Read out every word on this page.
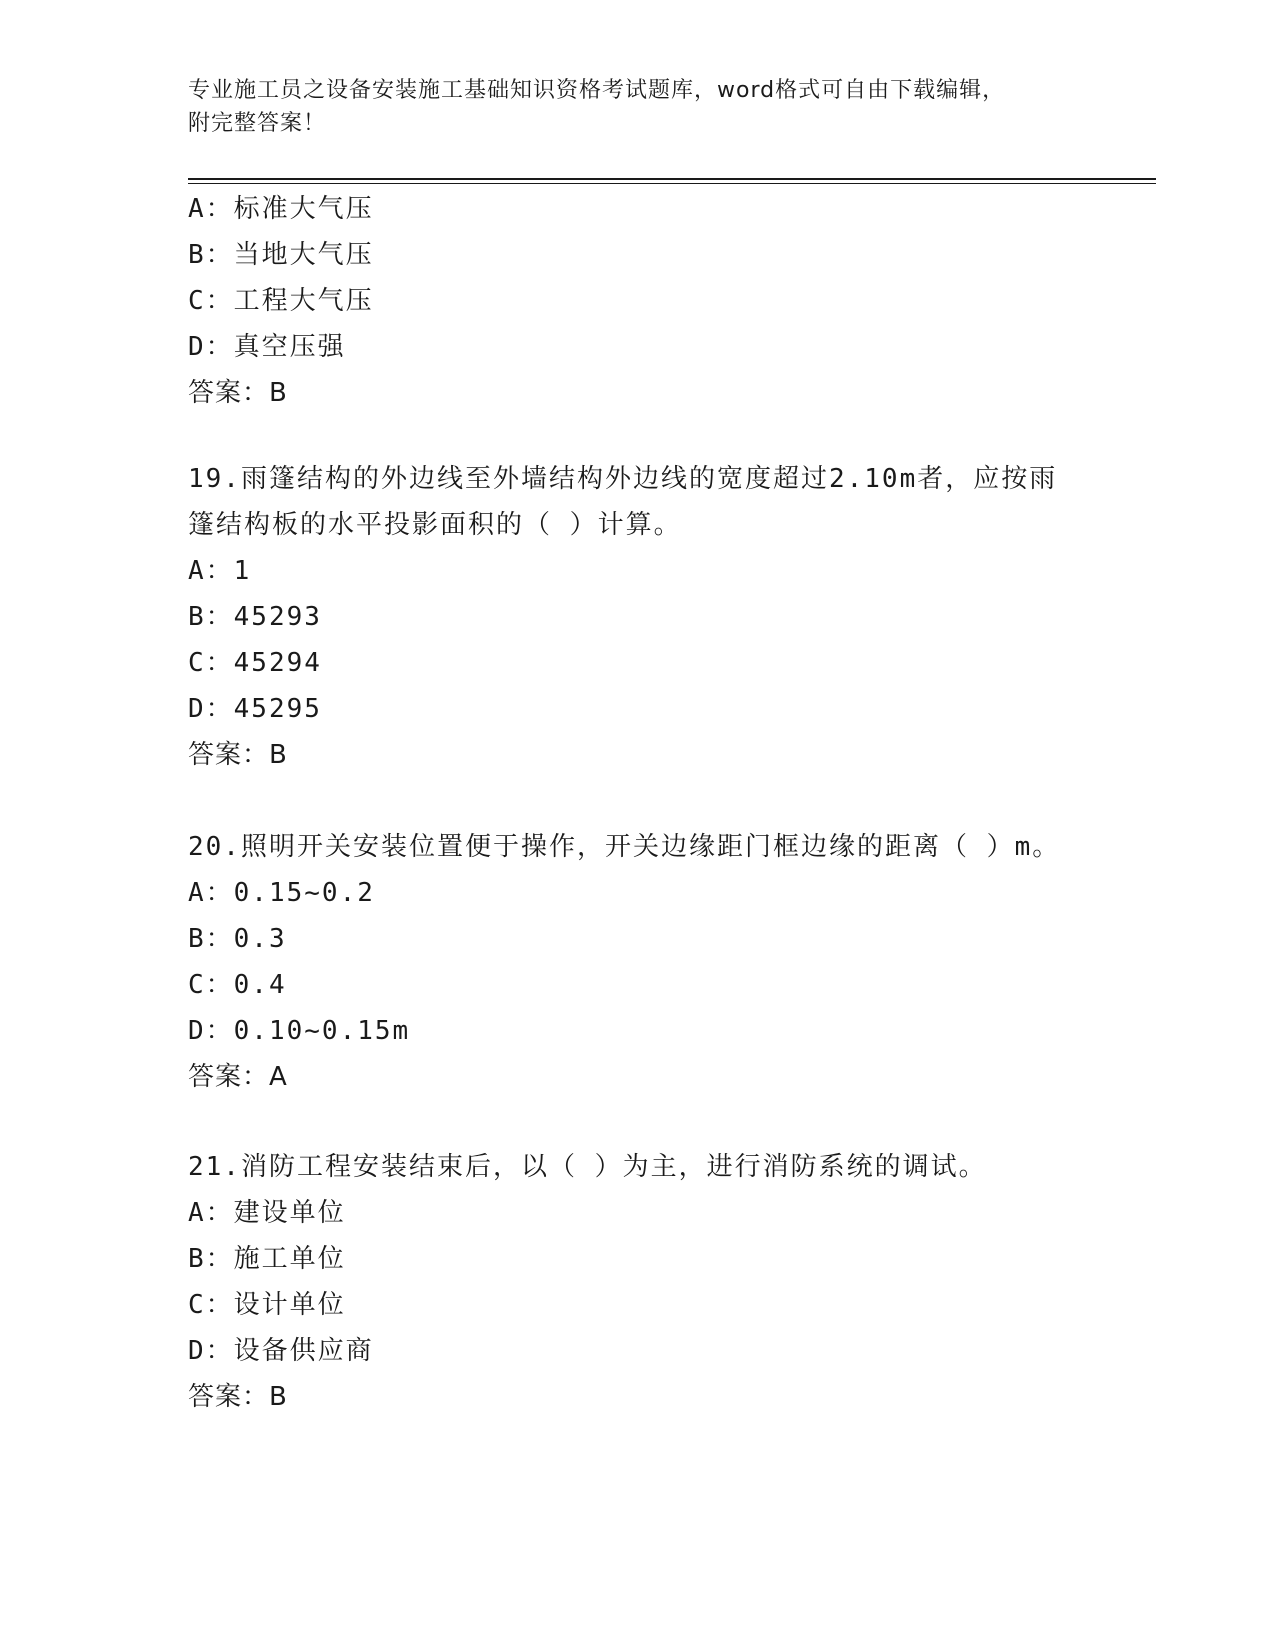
专业施工员之设备安装施工基础知识资格考试题库，word格式可自由下载编辑，
附完整答案！
A：标准大气压
B：当地大气压
C：工程大气压
D：真空压强
答案：B
19.雨篷结构的外边线至外墙结构外边线的宽度超过2.10m者，应按雨
篷结构板的水平投影面积的（ ）计算。
A：1
B：45293
C：45294
D：45295
答案：B
20.照明开关安装位置便于操作，开关边缘距门框边缘的距离（ ）m。
A：0.15~0.2
B：0.3
C：0.4
D：0.10~0.15m
答案：A
21.消防工程安装结束后，以（ ）为主，进行消防系统的调试。
A：建设单位
B：施工单位
C：设计单位
D：设备供应商
答案：B
